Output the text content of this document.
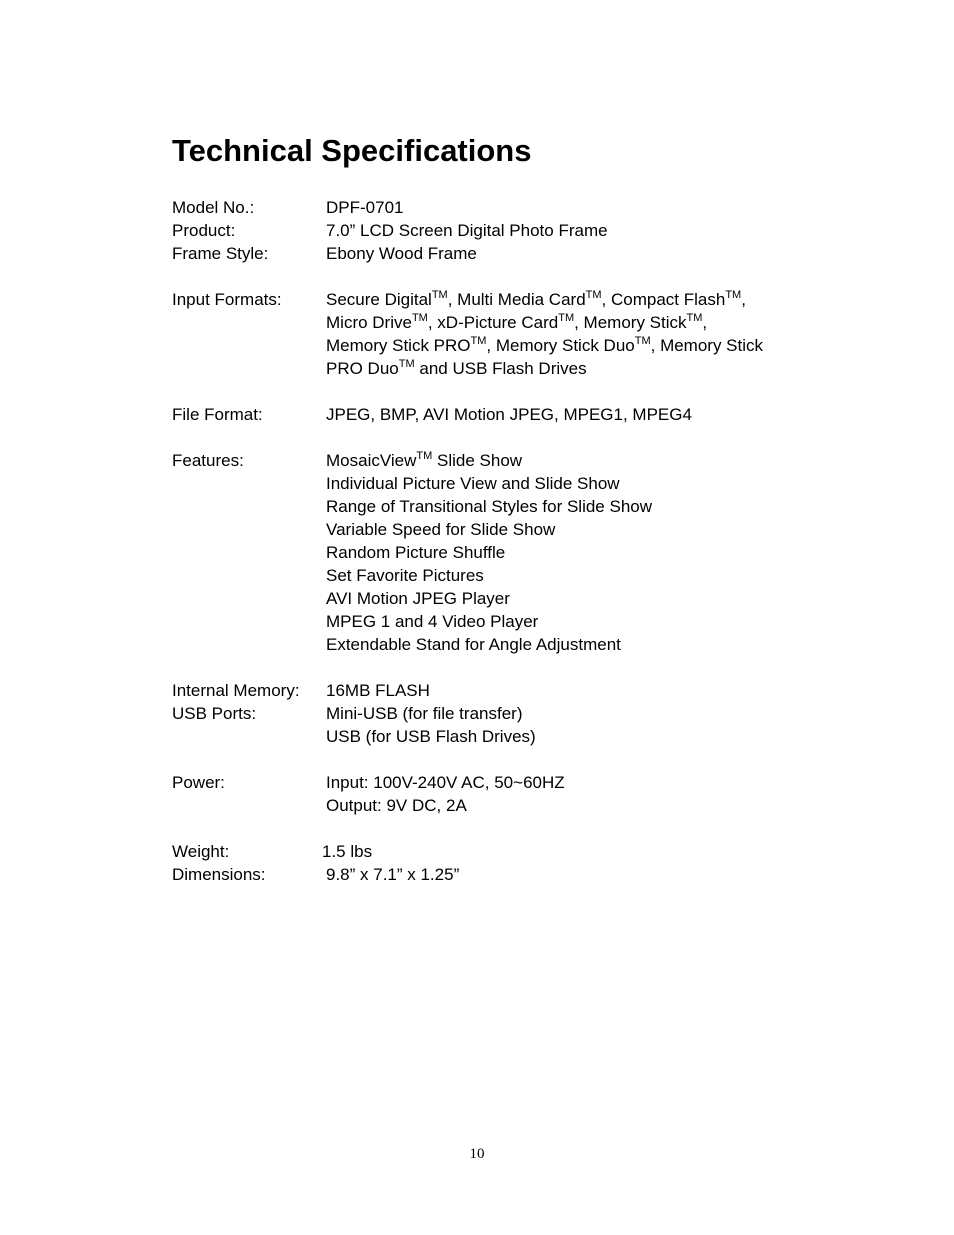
Technical Specifications
Model No.:	DPF-0701
Product:	7.0” LCD Screen Digital Photo Frame
Frame Style:	Ebony Wood Frame
Input Formats:	Secure Digital™, Multi Media Card™, Compact Flash™,
Micro Drive™, xD-Picture Card™, Memory Stick™,
Memory Stick PRO™, Memory Stick Duo™, Memory Stick
PRO Duo™ and USB Flash Drives
File Format:	JPEG, BMP, AVI Motion JPEG, MPEG1, MPEG4
Features:	MosaicView™ Slide Show
Individual Picture View and Slide Show
Range of Transitional Styles for Slide Show
Variable Speed for Slide Show
Random Picture Shuffle
Set Favorite Pictures
AVI Motion JPEG Player
MPEG 1 and 4 Video Player
Extendable Stand for Angle Adjustment
Internal Memory:	16MB FLASH
USB Ports:	Mini-USB (for file transfer)
USB (for USB Flash Drives)
Power:	Input: 100V-240V AC, 50~60HZ
Output: 9V DC, 2A
Weight:	1.5 lbs
Dimensions:	9.8” x 7.1” x 1.25”
10
